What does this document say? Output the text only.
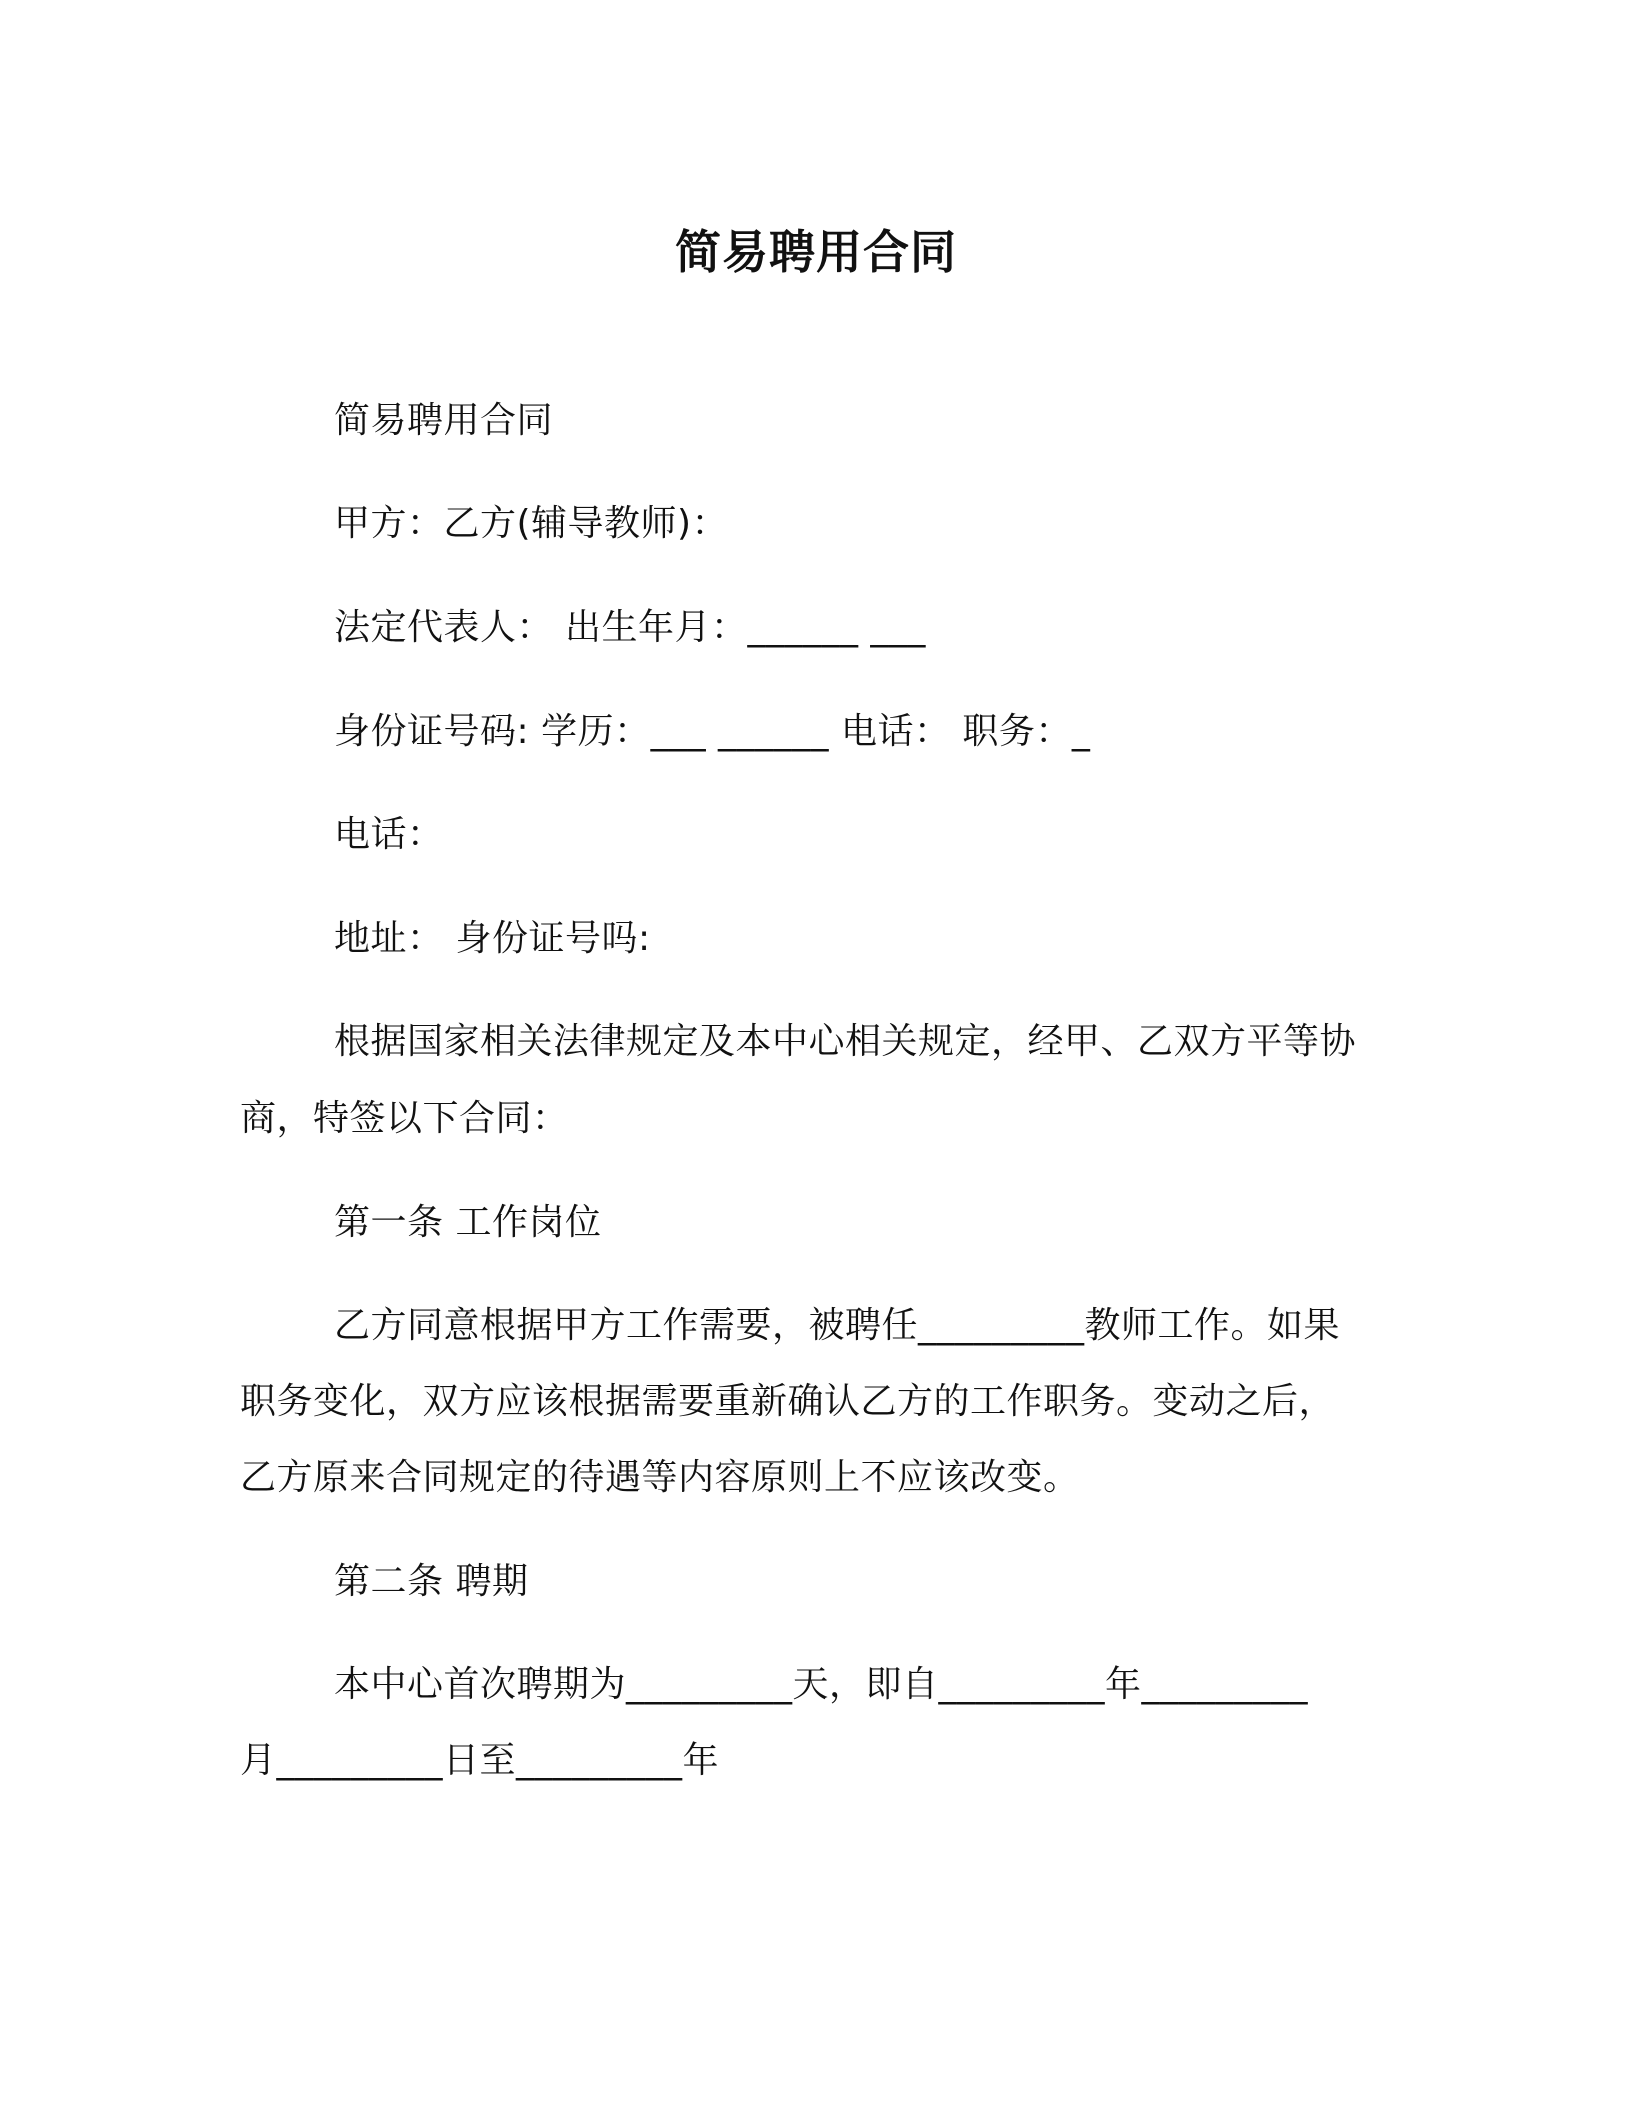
简易聘用合同
简易聘用合同
甲方：乙方(辅导教师)：
法定代表人： 出生年月：______ ___
身份证号码: 学历：___ ______ 电话： 职务：_
电话：
地址： 身份证号吗:
根据国家相关法律规定及本中心相关规定，经甲、乙双方平等协
商，特签以下合同：
第一条 工作岗位
乙方同意根据甲方工作需要，被聘任_________教师工作。如果
职务变化，双方应该根据需要重新确认乙方的工作职务。变动之后，
乙方原来合同规定的待遇等内容原则上不应该改变。
第二条 聘期
本中心首次聘期为_________天，即自_________年_________
月_________日至_________年
